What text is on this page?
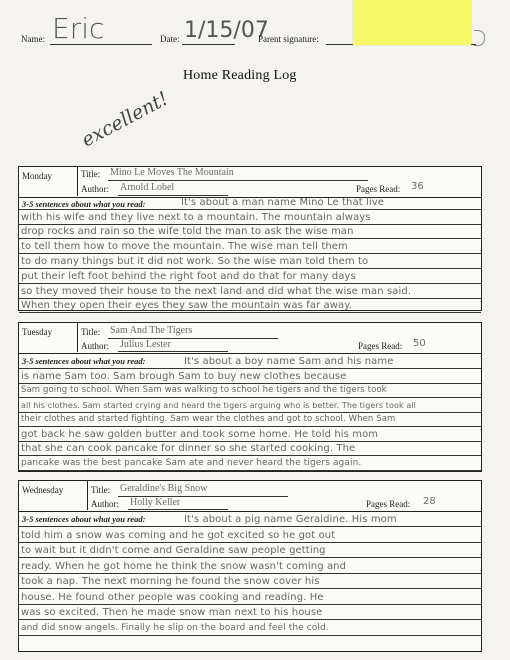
Name: Eric	Date: 1/15/07
Parent signature:
Home Reading Log
excellent!
Monday	Title: Mino Le Moves The Mountain
Author: Arnold Lobel	Pages Read: 36
3-5 sentences about what you read:	It's about a man name Mino Le that live
with his wife and they live next to a mountain. The mountain always
drop rocks and rain so the wife told the man to ask the wise man
to tell them how to move the mountain. The wise man tell them
to do many things but it did not work. So the wise man told them to
put their left foot behind the right foot and do that for many days
so they moved their house to the next land and did what the wise man said.
When they open their eyes they saw the mountain was far away.
Tuesday	Title: Sam And The Tigers
Author: Julius Lester	Pages Read: 50
3-5 sentences about what you read:	It's about a boy name Sam and his name
is name Sam too. Sam brough Sam to buy new clothes because
Sam going to school. When Sam was walking to school he tigers and the tigers took
all his clothes. Sam started crying and heard the tigers arguing who is better. The tigers took all
their clothes and started fighting. Sam wear the clothes and got to school. When Sam
got back he saw golden butter and took some home. He told his mom
that she can cook pancake for dinner so she started cooking. The
pancake was the best pancake Sam ate and never heard the tigers again.
Wednesday	Title: Geraldine's Big Snow
Author: Holly Keller	Pages Read: 28
3-5 sentences about what you read:	It's about a pig name Geraldine. His mom
told him a snow was coming and he got excited so he got out
to wait but it didn't come and Geraldine saw people getting
ready. When he got home he think the snow wasn't coming and
took a nap. The next morning he found the snow cover his
house. He found other people was cooking and reading. He
was so excited. Then he made snow man next to his house
and did snow angels. Finally he slip on the board and feel the cold.
